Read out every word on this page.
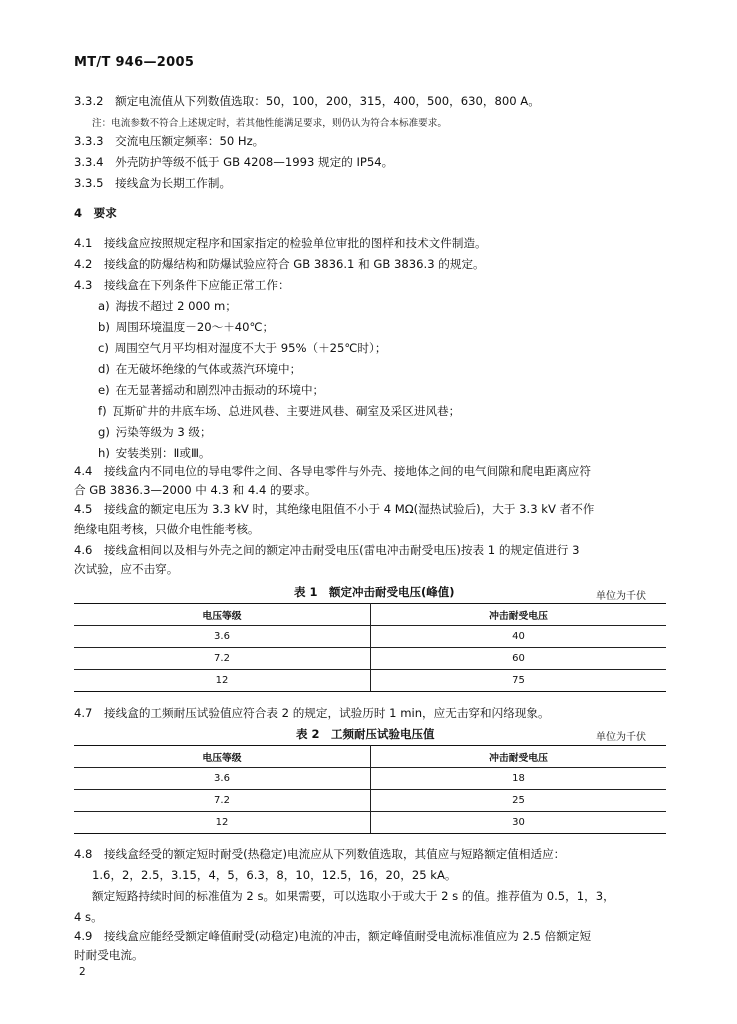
MT/T 946—2005
3.3.2  额定电流值从下列数值选取：50，100，200，315，400，500，630，800 A。
注：电流参数不符合上述规定时，若其他性能满足要求，则仍认为符合本标准要求。
3.3.3  交流电压额定频率：50 Hz。
3.3.4  外壳防护等级不低于 GB 4208—1993 规定的 IP54。
3.3.5  接线盒为长期工作制。
4  要求
4.1  接线盒应按照规定程序和国家指定的检验单位审批的图样和技术文件制造。
4.2  接线盒的防爆结构和防爆试验应符合 GB 3836.1 和 GB 3836.3 的规定。
4.3  接线盒在下列条件下应能正常工作：
a)  海拔不超过 2 000 m；
b)  周围环境温度－20～＋40℃；
c)  周围空气月平均相对湿度不大于 95%（＋25℃时）；
d)  在无破坏绝缘的气体或蒸汽环境中；
e)  在无显著摇动和剧烈冲击振动的环境中；
f)  瓦斯矿井的井底车场、总进风巷、主要进风巷、硐室及采区进风巷；
g)  污染等级为 3 级；
h)  安装类别：Ⅱ或Ⅲ。
4.4  接线盒内不同电位的导电零件之间、各导电零件与外壳、接地体之间的电气间隙和爬电距离应符
合 GB 3836.3—2000 中 4.3 和 4.4 的要求。
4.5  接线盒的额定电压为 3.3 kV 时，其绝缘电阻值不小于 4 MΩ(湿热试验后)，大于 3.3 kV 者不作
绝缘电阻考核，只做介电性能考核。
4.6  接线盒相间以及相与外壳之间的额定冲击耐受电压(雷电冲击耐受电压)按表 1 的规定值进行 3
次试验，应不击穿。
表 1　额定冲击耐受电压(峰值)	单位为千伏
电压等级	冲击耐受电压
3.6	40
7.2	60
12	75
4.7  接线盒的工频耐压试验值应符合表 2 的规定，试验历时 1 min，应无击穿和闪络现象。
表 2　工频耐压试验电压值	单位为千伏
电压等级	冲击耐受电压
3.6	18
7.2	25
12	30
4.8  接线盒经受的额定短时耐受(热稳定)电流应从下列数值选取，其值应与短路额定值相适应：
1.6，2，2.5，3.15，4，5，6.3，8，10，12.5，16，20，25 kA。
额定短路持续时间的标准值为 2 s。如果需要，可以选取小于或大于 2 s 的值。推荐值为 0.5，1，3，
4 s。
4.9  接线盒应能经受额定峰值耐受(动稳定)电流的冲击，额定峰值耐受电流标准值应为 2.5 倍额定短
时耐受电流。
2
